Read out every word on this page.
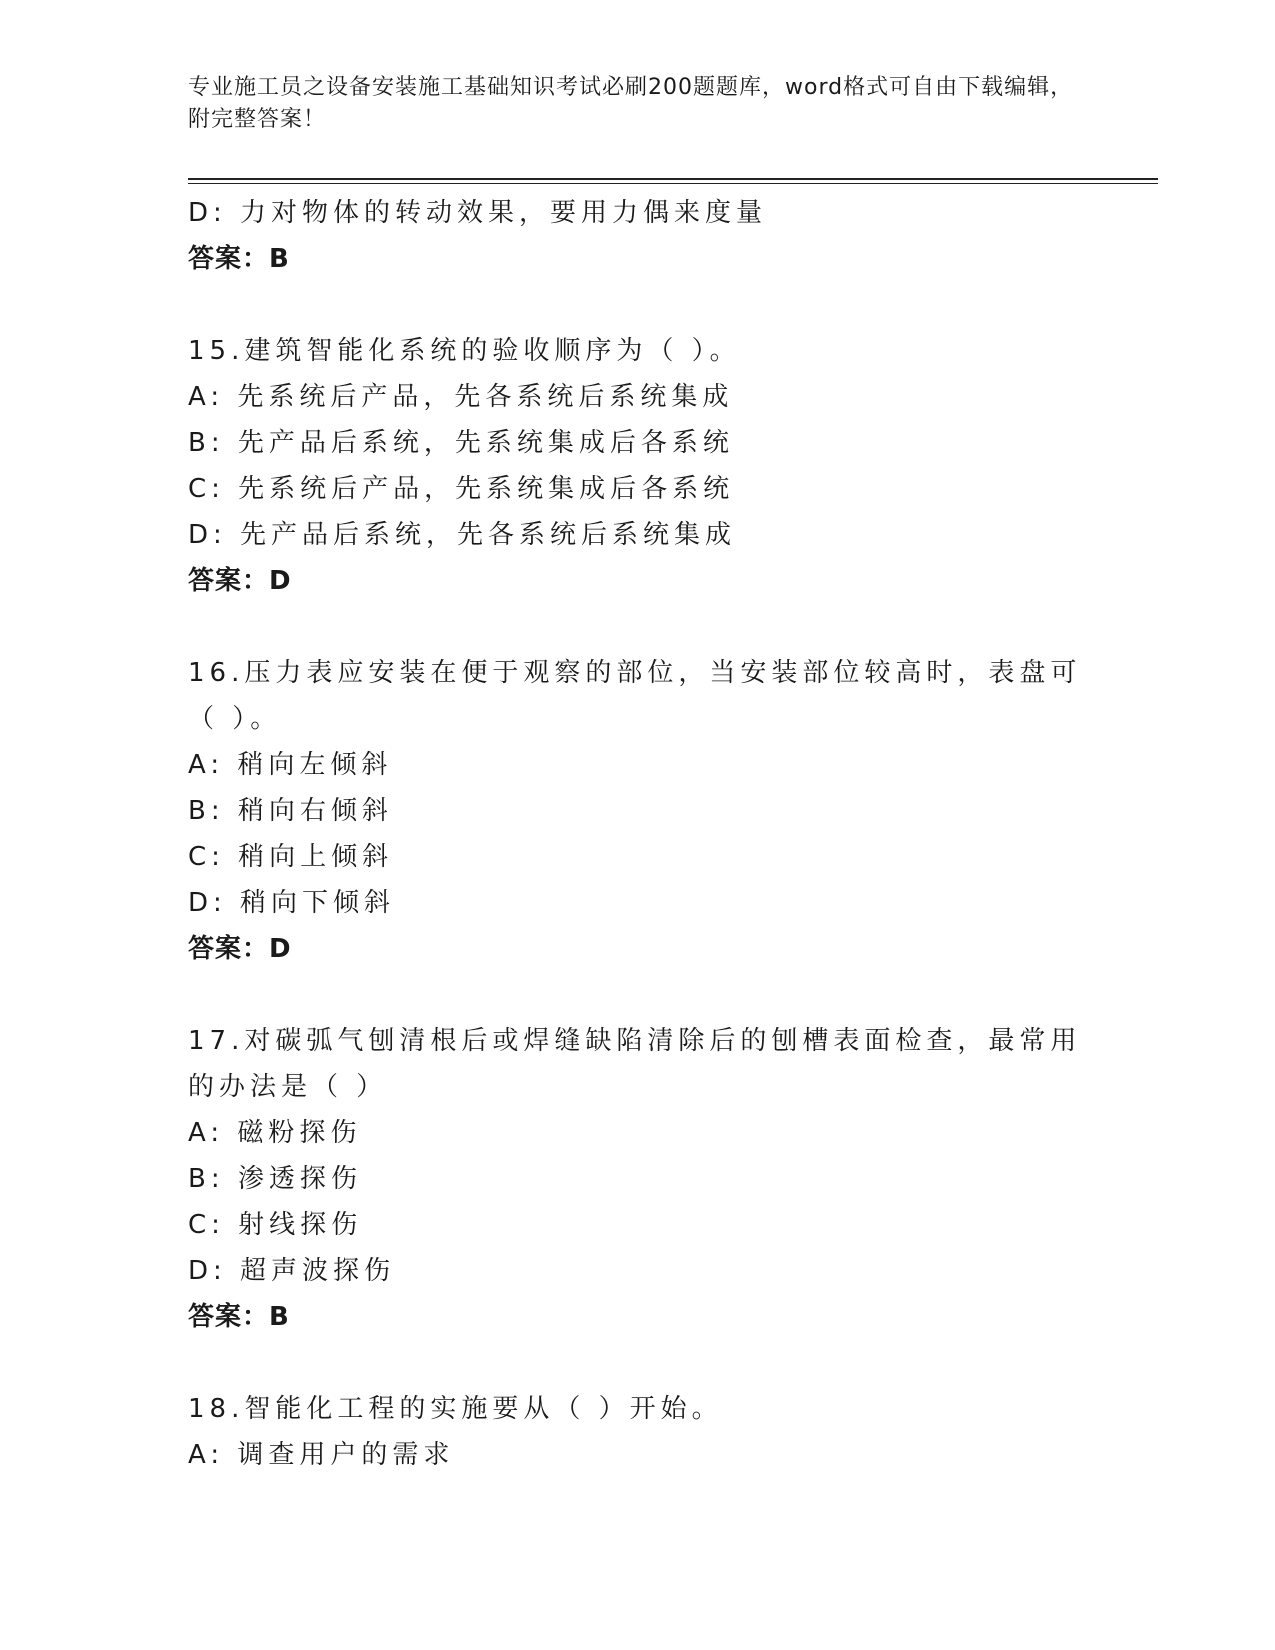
专业施工员之设备安装施工基础知识考试必刷200题题库，word格式可自由下载编辑，附完整答案！
D: 力对物体的转动效果，要用力偶来度量
答案：B
15.建筑智能化系统的验收顺序为（ ）。
A: 先系统后产品，先各系统后系统集成
B: 先产品后系统，先系统集成后各系统
C: 先系统后产品，先系统集成后各系统
D: 先产品后系统，先各系统后系统集成
答案：D
16.压力表应安装在便于观察的部位，当安装部位较高时，表盘可（ ）。
A: 稍向左倾斜
B: 稍向右倾斜
C: 稍向上倾斜
D: 稍向下倾斜
答案：D
17.对碳弧气刨清根后或焊缝缺陷清除后的刨槽表面检查，最常用的办法是（ ）
A: 磁粉探伤
B: 渗透探伤
C: 射线探伤
D: 超声波探伤
答案：B
18.智能化工程的实施要从（ ）开始。
A: 调查用户的需求
